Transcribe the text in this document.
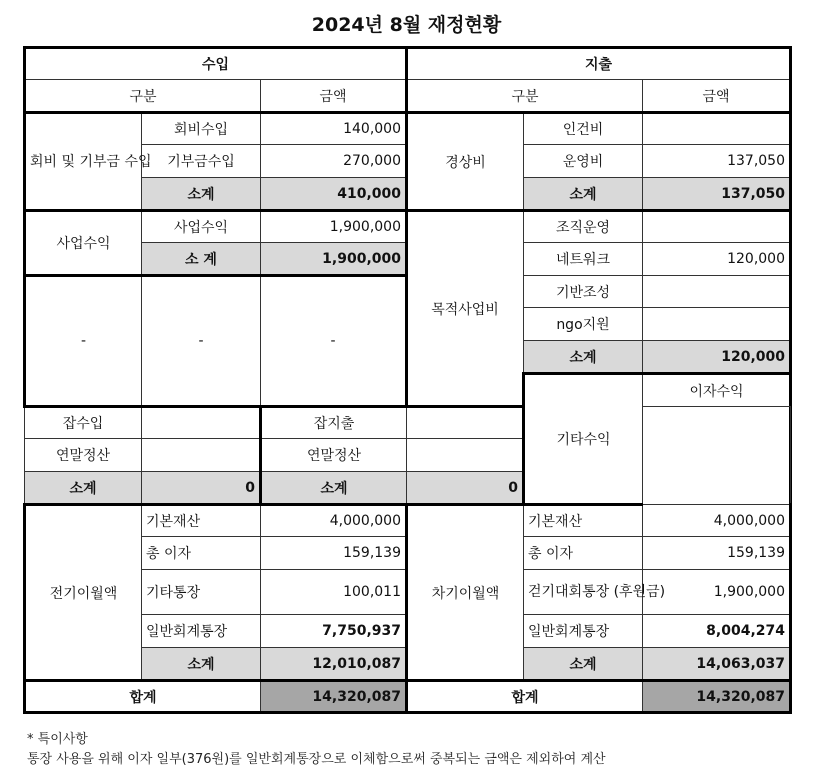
2024년 8월 재정현황
수입			지출			
구분		금액	구분		금액	
회비 및 기부금 수입	회비수입	140,000	경상비	인건비		
	기부금수입	270,000		운영비	137,050	
	소계	410,000		소계	137,050	
사업수익	사업수익	1,900,000	목적사업비	조직운영		
	소 계	1,900,000		네트워크	120,000	
-	-	-		기반조성		
				ngo지원		
				소계	120,000	
				기타수익	이자수익				
잡수입		잡지출				
연말정산		연말정산				
소계	0	소계	0			
전기이월액	기본재산	4,000,000	차기이월액	기본재산	4,000,000	
	총 이자	159,139		총 이자	159,139	
	기타통장	100,011		걷기대회통장 (후원금)	1,900,000	
	일반회계통장	7,750,937		일반회계통장	8,004,274	
	소계	12,010,087		소계	14,063,037	
합계		14,320,087	합계		14,320,087	
* 특이사항
통장 사용을 위해 이자 일부(376원)를 일반회계통장으로 이체함으로써 중복되는 금액은 제외하여 계산
